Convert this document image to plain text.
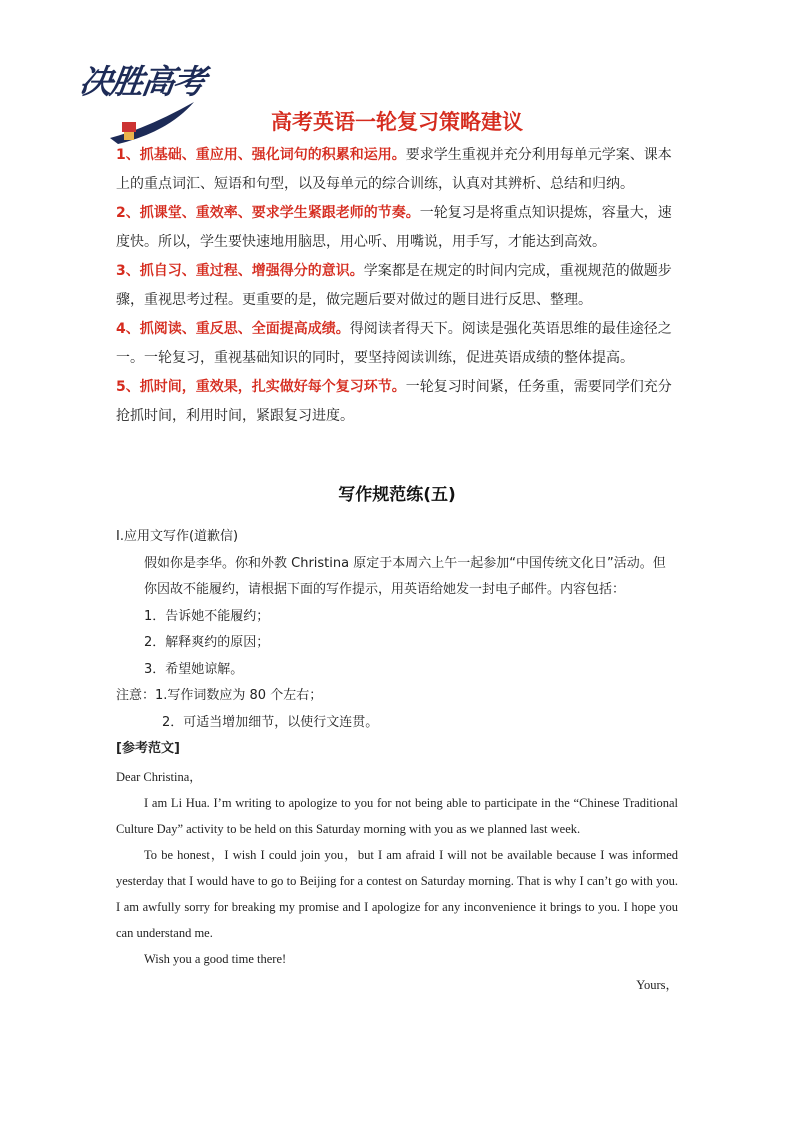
决胜高考
高考英语一轮复习策略建议

1、抓基础、重应用、强化词句的积累和运用。要求学生重视并充分利用每单元学案、课本上的重点词汇、短语和句型，以及每单元的综合训练，认真对其辨析、总结和归纳。

2、抓课堂、重效率、要求学生紧跟老师的节奏。一轮复习是将重点知识提炼，容量大，速度快。所以，学生要快速地用脑思，用心听、用嘴说，用手写，才能达到高效。

3、抓自习、重过程、增强得分的意识。学案都是在规定的时间内完成，重视规范的做题步骤，重视思考过程。更重要的是，做完题后要对做过的题目进行反思、整理。

4、抓阅读、重反思、全面提高成绩。得阅读者得天下。阅读是强化英语思维的最佳途径之一。一轮复习，重视基础知识的同时，要坚持阅读训练，促进英语成绩的整体提高。

5、抓时间，重效果，扎实做好每个复习环节。一轮复习时间紧，任务重，需要同学们充分抢抓时间，利用时间，紧跟复习进度。

写作规范练(五)

Ⅰ.应用文写作(道歉信)

假如你是李华。你和外教 Christina 原定于本周六上午一起参加“中国传统文化日”活动。但你因故不能履约，请根据下面的写作提示，用英语给她发一封电子邮件。内容包括：

1．告诉她不能履约；

2．解释爽约的原因；

3．希望她谅解。

注意：1.写作词数应为 80 个左右；

2．可适当增加细节，以使行文连贯。

[参考范文]

Dear Christina，

I am Li Hua. I’m writing to apologize to you for not being able to participate in the “Chinese Traditional Culture Day” activity to be held on this Saturday morning with you as we planned last week.

To be honest，I wish I could join you，but I am afraid I will not be available because I was informed yesterday that I would have to go to Beijing for a contest on Saturday morning. That is why I can’t go with you. I am awfully sorry for breaking my promise and I apologize for any inconvenience it brings to you. I hope you can understand me.

Wish you a good time there!

Yours，
